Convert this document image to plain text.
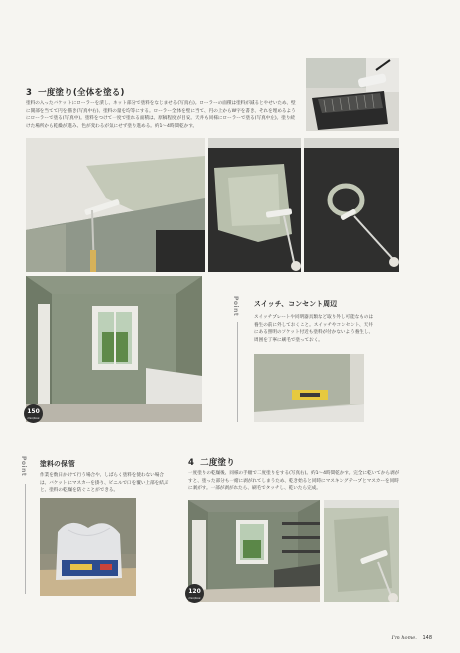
3 一度塗り(全体を塗る)
塗料の入ったバケットにローラーを漬し、ネット部分で塗料をなじませる(写真右)。ローラーの面積は塗料が減るとやせいため、壁に開部を当てて円を描き(写真中右)、塗料の量を均等にする。ローラー全体を壁に当て、円の上からW字を書き、それを埋めるようにローラーで塗る(写真中)。塗料をつけて一度で塗れる面積は、原稿程度が目安。天井も同様にローラーで塗る(写真中左)。塗り続けた場所から乾燥が進み、色が変わるが気にせず塗り進める。約1〜4時間乾かす。
150
min/box
Point スイッチ、コンセント周辺
スイッチプレートや同明器具類など取り外し可能なものは養生の前に外しておくこと。スイッチやコンセント、天井にある照明のソケット付近も塗料が付かないよう養生し、周囲を丁寧に刷毛で塗っておく。
Point 塗料の保管
作業を数日かけて行う場合や、しばらく塗料を使わない場合は、バケットにマスカーを掛り、ビニルで口を覆い上部を結ぶと、塗料の乾燥を防ぐことができる。
4 二度塗り
一度塗りの乾燥後、同様の手順で二度塗りをする(写真右)。約1〜4時間乾かす。完全に乾いてから剥がすと、塗った部分も一緒に剥がれてしまうため、乾き始ると同時にマスキングテープとマスカーを同時に剥がす。一部が剥がれたら、刷毛でタッチし、乾いたら完成。
120
min/box
I'm home. 148
